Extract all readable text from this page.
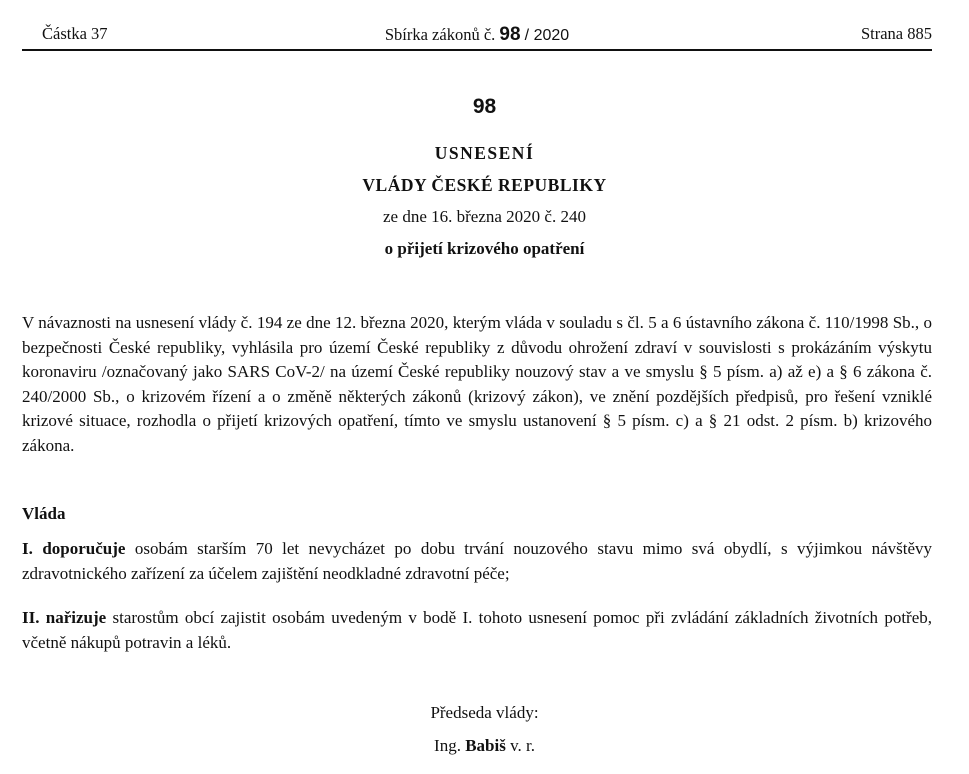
Částka 37	Sbírka zákonů č. 98 / 2020	Strana 885
98
USNESENÍ
VLÁDY ČESKÉ REPUBLIKY
ze dne 16. března 2020 č. 240
o přijetí krizového opatření

V návaznosti na usnesení vlády č. 194 ze dne 12. března 2020, kterým vláda v souladu s čl. 5 a 6 ústavního zákona č. 110/1998 Sb., o bezpečnosti České republiky, vyhlásila pro území České republiky z důvodu ohrožení zdraví v souvislosti s prokázáním výskytu koronaviru /označovaný jako SARS CoV-2/ na území České republiky nouzový stav a ve smyslu § 5 písm. a) až e) a § 6 zákona č. 240/2000 Sb., o krizovém řízení a o změně některých zákonů (krizový zákon), ve znění pozdějších předpisů, pro řešení vzniklé krizové situace, rozhodla o přijetí krizových opatření, tímto ve smyslu ustanovení § 5 písm. c) a § 21 odst. 2 písm. b) krizového zákona.

Vláda

I. doporučuje osobám starším 70 let nevycházet po dobu trvání nouzového stavu mimo svá obydlí, s výjimkou návštěvy zdravotnického zařízení za účelem zajištění neodkladné zdravotní péče;

II. nařizuje starostům obcí zajistit osobám uvedeným v bodě I. tohoto usnesení pomoc při zvládání základních životních potřeb, včetně nákupů potravin a léků.

Předseda vlády:
Ing. Babiš v. r.
